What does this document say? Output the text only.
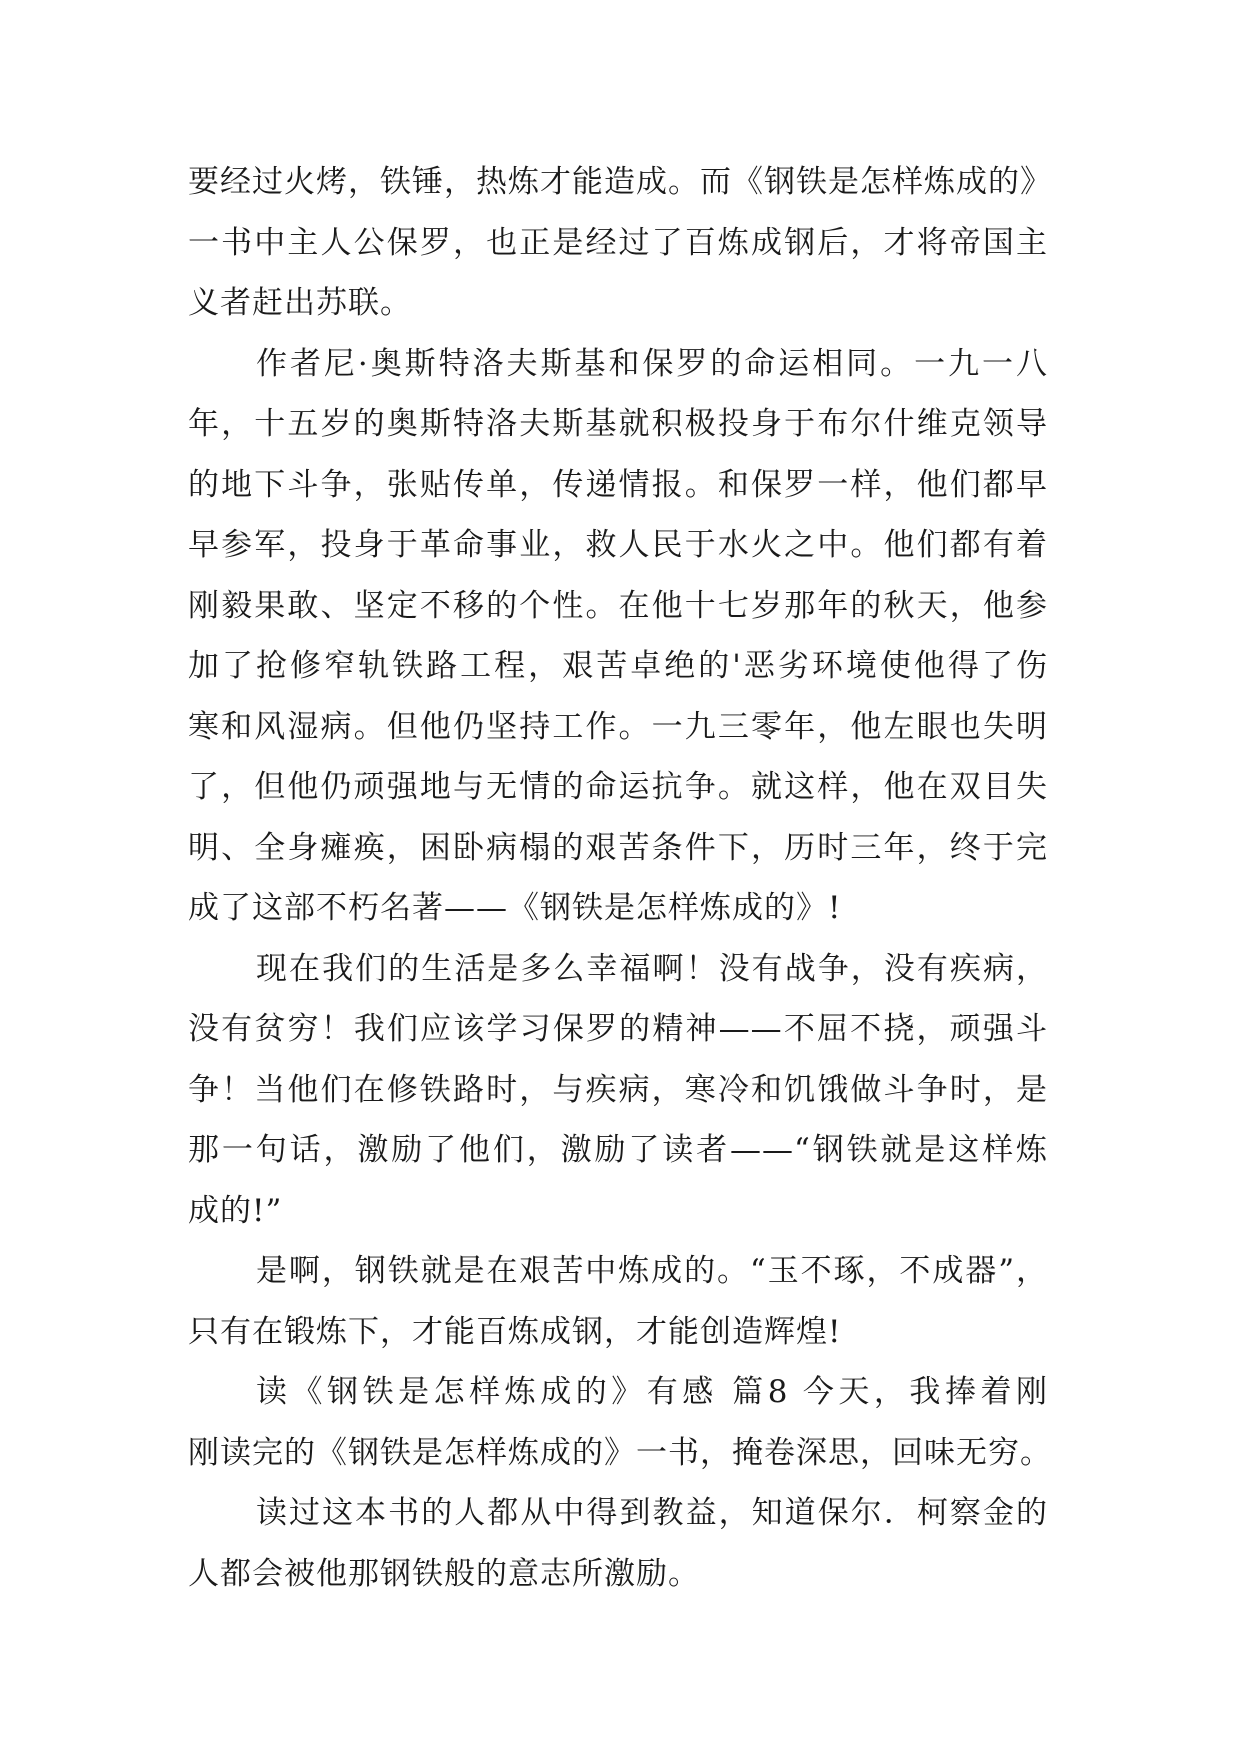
要经过火烤，铁锤，热炼才能造成。而《钢铁是怎样炼成的》
一书中主人公保罗，也正是经过了百炼成钢后，才将帝国主
义者赶出苏联。
作者尼·奥斯特洛夫斯基和保罗的命运相同。一九一八
年，十五岁的奥斯特洛夫斯基就积极投身于布尔什维克领导
的地下斗争，张贴传单，传递情报。和保罗一样，他们都早
早参军，投身于革命事业，救人民于水火之中。他们都有着
刚毅果敢、坚定不移的个性。在他十七岁那年的秋天，他参
加了抢修窄轨铁路工程，艰苦卓绝的'恶劣环境使他得了伤
寒和风湿病。但他仍坚持工作。一九三零年，他左眼也失明
了，但他仍顽强地与无情的命运抗争。就这样，他在双目失
明、全身瘫痪，困卧病榻的艰苦条件下，历时三年，终于完
成了这部不朽名著——《钢铁是怎样炼成的》!
现在我们的生活是多么幸福啊！没有战争，没有疾病，
没有贫穷！我们应该学习保罗的精神——不屈不挠，顽强斗
争！当他们在修铁路时，与疾病，寒冷和饥饿做斗争时，是
那一句话，激励了他们，激励了读者——“钢铁就是这样炼
成的!”
是啊，钢铁就是在艰苦中炼成的。“玉不琢，不成器”，
只有在锻炼下，才能百炼成钢，才能创造辉煌!
读《钢铁是怎样炼成的》有感 篇8 今天，我捧着刚
刚读完的《钢铁是怎样炼成的》一书，掩卷深思，回味无穷。
读过这本书的人都从中得到教益，知道保尔．柯察金的
人都会被他那钢铁般的意志所激励。
